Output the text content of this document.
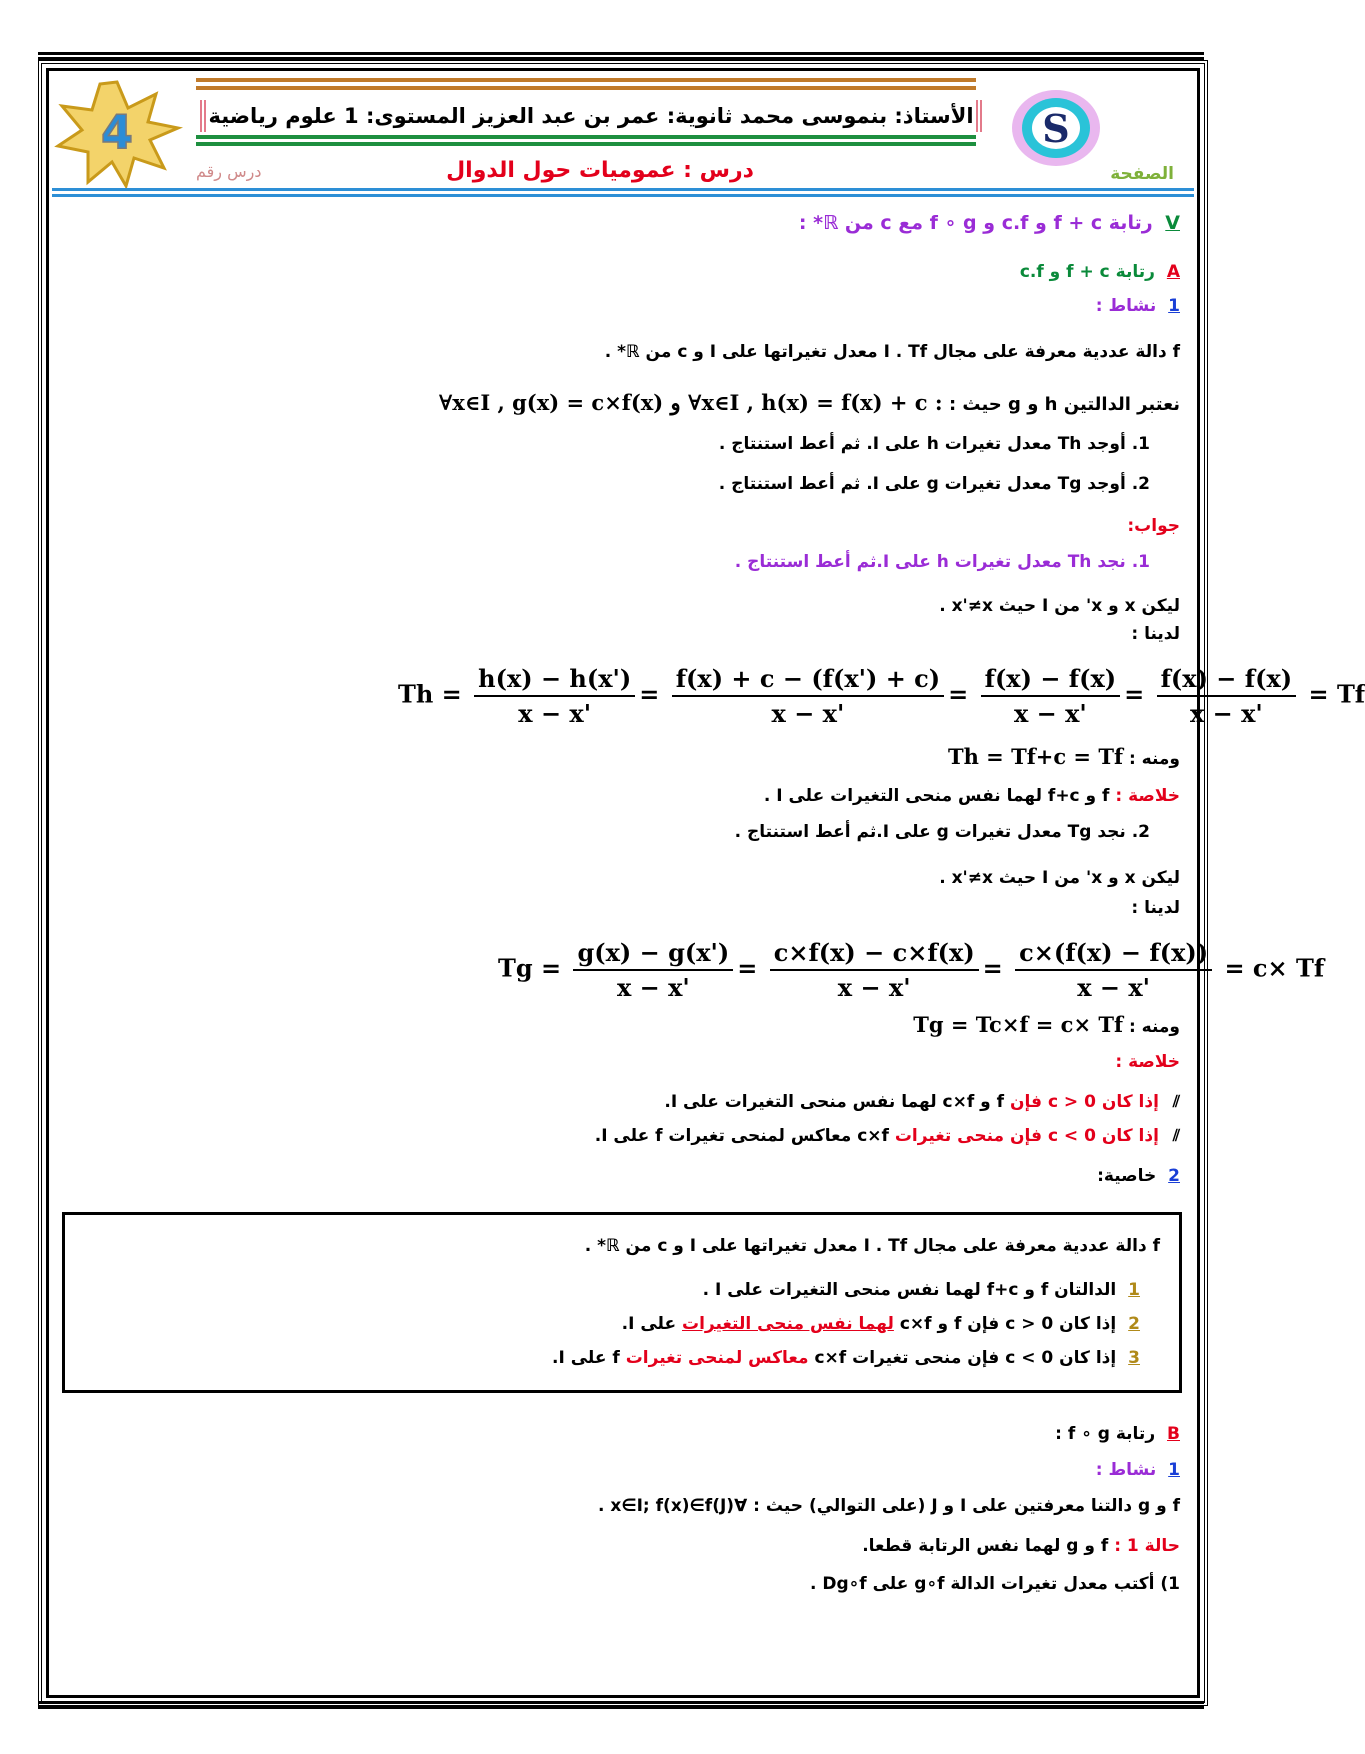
الأستاذ: بنموسى محمد ثانوية: عمر بن عبد العزيز المستوى: 1 علوم رياضية
4	S
الصفحة
درس رقم	درس : عموميات حول الدوال
V رتابة f + c و c.f و f ∘ g مع c من ℝ* :
A رتابة f + c و c.f
1 نشاط :
f دالة عددية معرفة على مجال I . Tf معدل تغيراتها على I و c من ℝ* .
نعتبر الدالتين h و g حيث : ∀x∈I , g(x) = c×f(x) و ∀x∈I , h(x) = f(x) + c :
1. أوجد Th معدل تغيرات h على I. ثم أعط استنتاج .
2. أوجد Tg معدل تغيرات g على I. ثم أعط استنتاج .
جواب:
1. نجد Th معدل تغيرات h على I.ثم أعط استنتاج .
ليكن x و x' من I حيث x'≠x .
لدينا :
$Th = \frac{h(x) - h(x')}{x - x'} = \frac{f(x) + c - (f(x') + c)}{x - x'} = \frac{f(x) - f(x)}{x - x'} = \frac{f(x) - f(x)}{x - x'} = Tf$
ومنه : Th = Tf+c = Tf
خلاصة : f و f+c لهما نفس منحى التغيرات على I .
2. نجد Tg معدل تغيرات g على I.ثم أعط استنتاج .
ليكن x و x' من I حيث x'≠x .
لدينا :
$Tg = \frac{g(x) - g(x')}{x - x'} = \frac{c\times f(x) - c\times f(x)}{x - x'} = \frac{c\times(f(x) - f(x))}{x - x'} = c\times Tf$
ومنه : Tg = Tc×f = c× Tf
خلاصة :
⫽ إذا كان c > 0 فإن f و c×f لهما نفس منحى التغيرات على I.
⫽ إذا كان c < 0 فإن منحى تغيرات c×f معاكس لمنحى تغيرات f على I.
2 خاصية:
f دالة عددية معرفة على مجال I . Tf معدل تغيراتها على I و c من ℝ* .
1 الدالتان f و f+c لهما نفس منحى التغيرات على I .
2 إذا كان c > 0 فإن f و c×f لهما نفس منحى التغيرات على I.
3 إذا كان c < 0 فإن منحى تغيرات c×f معاكس لمنحى تغيرات f على I.
B رتابة f ∘ g :
1 نشاط :
f و g دالتنا معرفتين على I و J (على التوالي) حيث : ∀x∈I; f(x)∈f(J) .
حالة 1 : f و g لهما نفس الرتابة قطعا.
1) أكتب معدل تغيرات الدالة g∘f على Dg∘f .
